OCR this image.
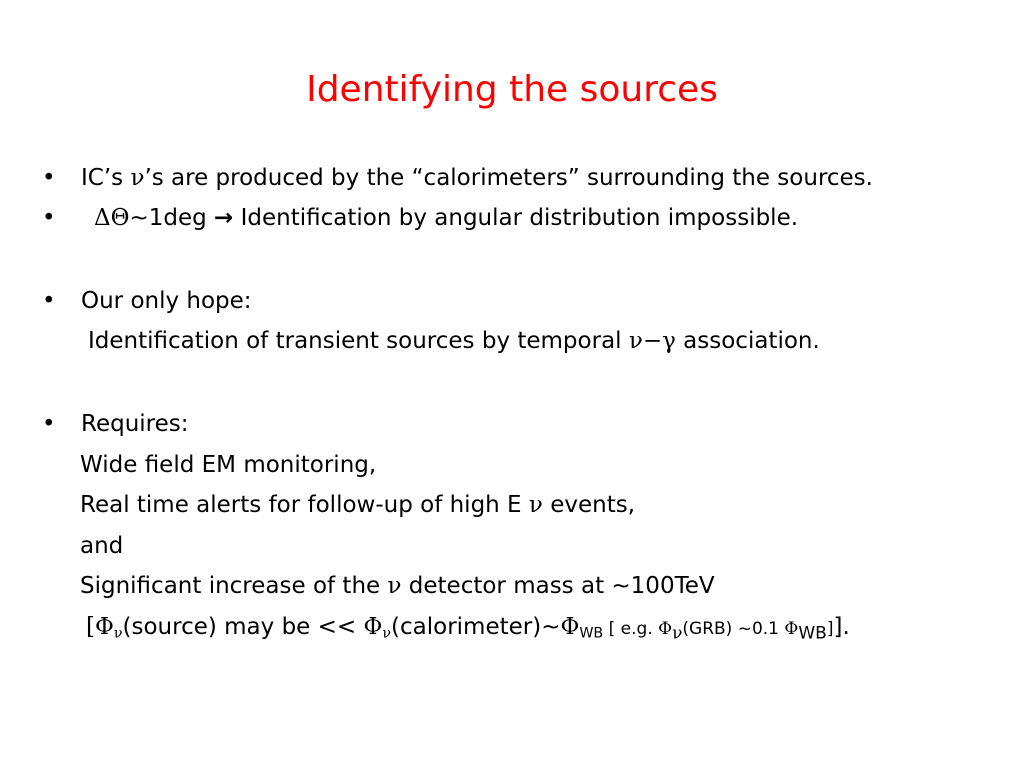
Identifying the sources
• IC’s ν’s are produced by the “calorimeters” surrounding the sources.
• ΔΘ~1deg → Identification by angular distribution impossible.
• Our only hope:
Identification of transient sources by temporal ν−γ association.
• Requires:
Wide field EM monitoring,
Real time alerts for follow-up of high E ν events,
and
Significant increase of the ν detector mass at ~100TeV
[$\Phi_\nu(source)$ may be << $\Phi_\nu(calorimeter)\sim\Phi_{WB}$ [ e.g. $\Phi_\nu(GRB)$ ~0.1 $\Phi_{WB}$]].
